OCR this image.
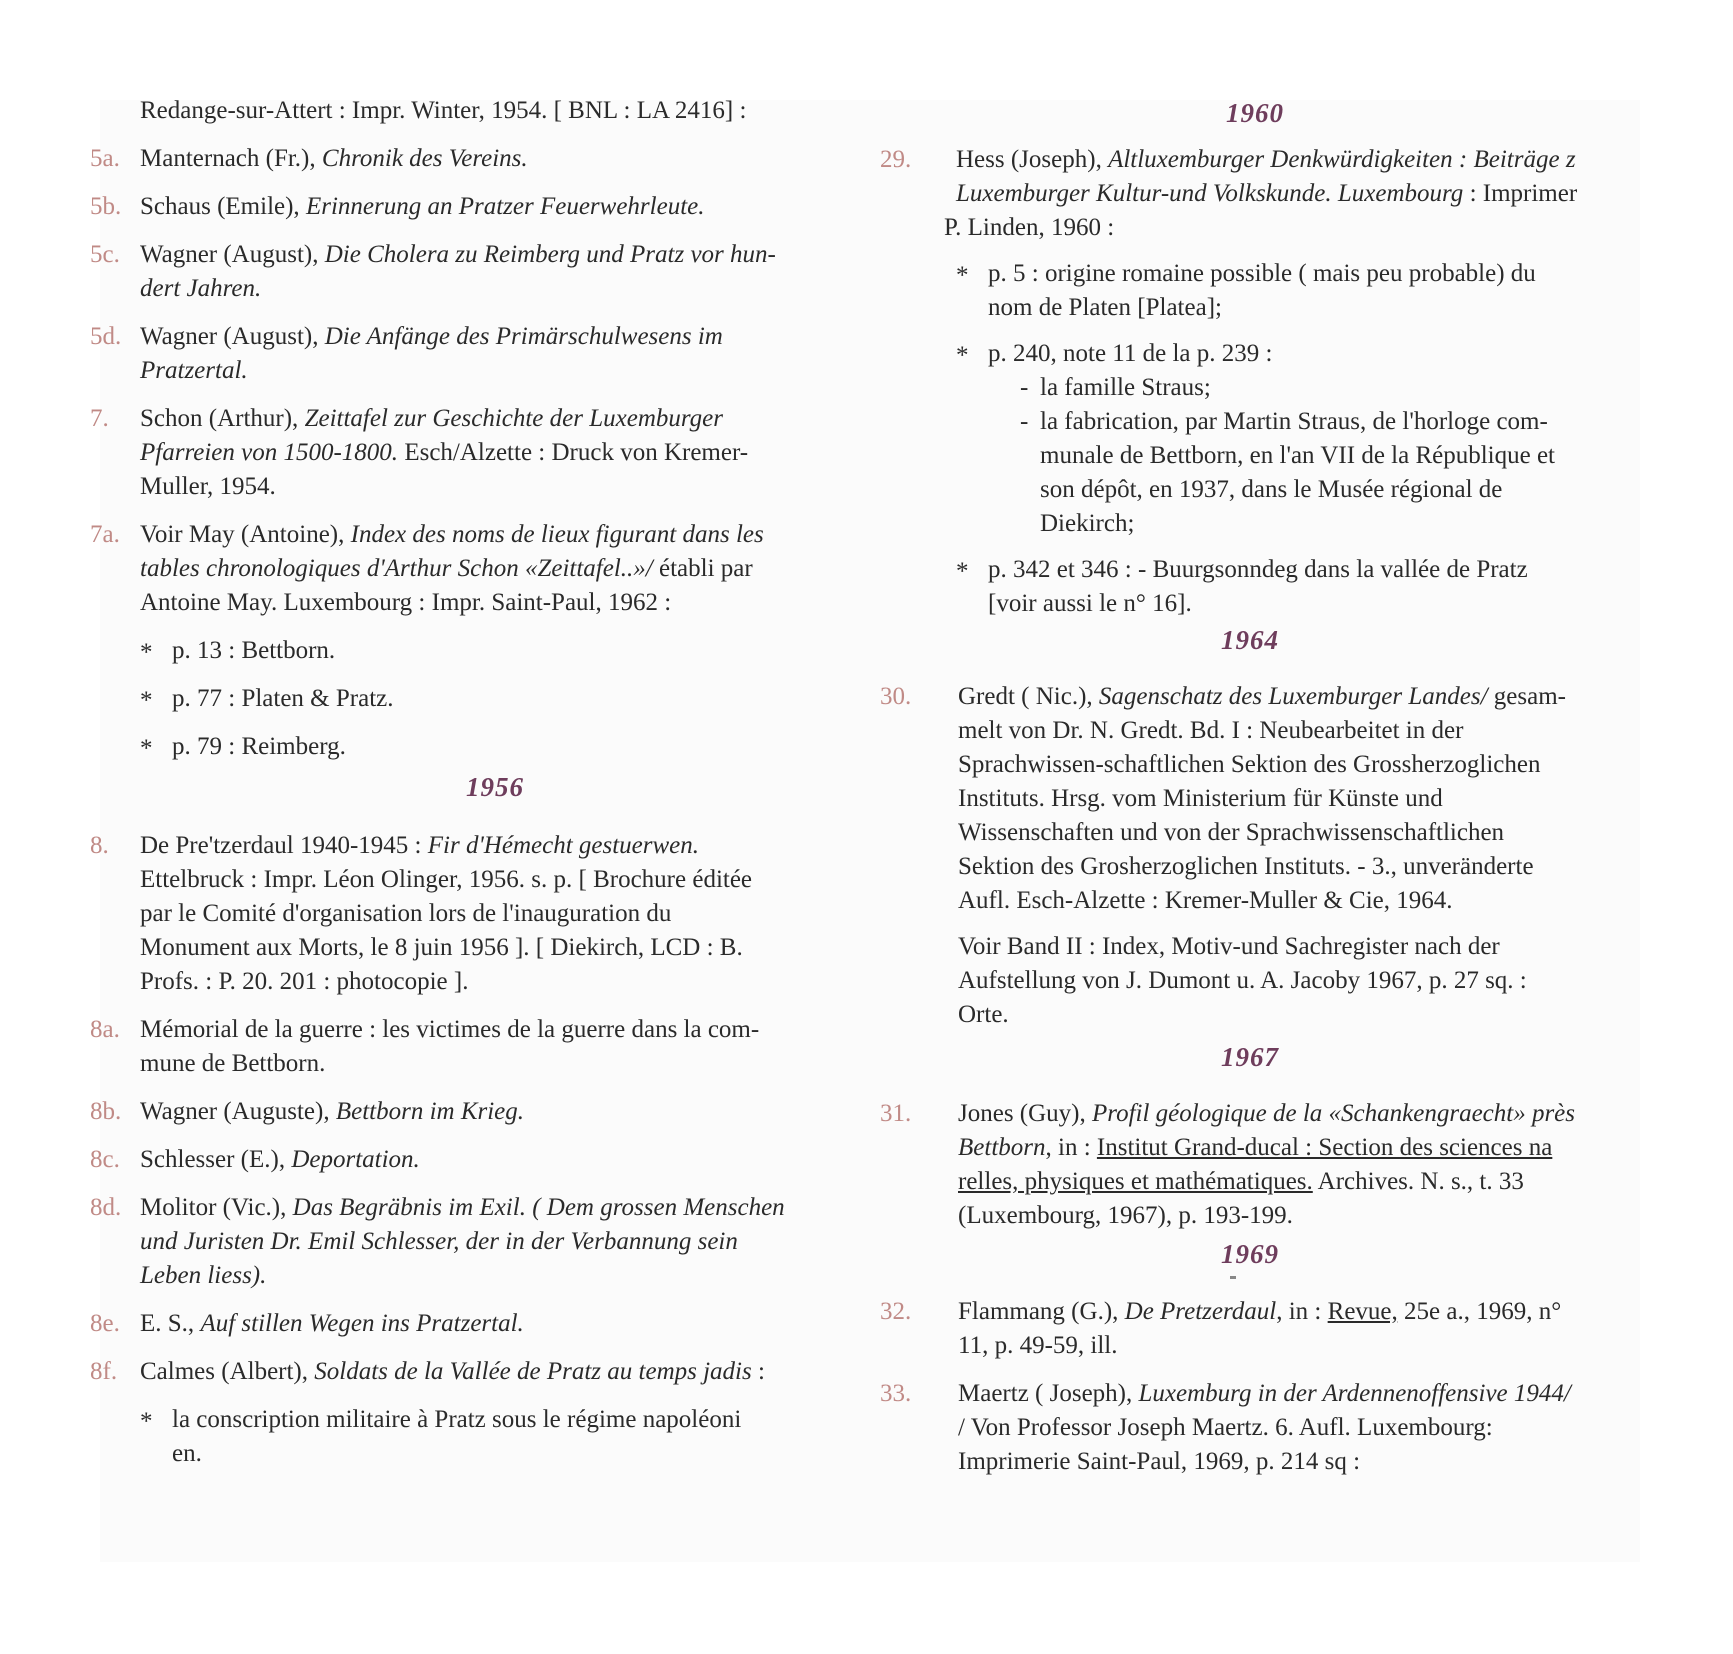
Redange-sur-Attert : Impr. Winter, 1954. [ BNL : LA 2416] :
5a. Manternach (Fr.), Chronik des Vereins.
5b. Schaus (Emile), Erinnerung an Pratzer Feuerwehrleute.
5c. Wagner (August), Die Cholera zu Reimberg und Pratz vor hun-
dert Jahren.
5d. Wagner (August), Die Anfänge des Primärschulwesens im
Pratzertal.
7. Schon (Arthur), Zeittafel zur Geschichte der Luxemburger
Pfarreien von 1500-1800. Esch/Alzette : Druck von Kremer-
Muller, 1954.
7a. Voir May (Antoine), Index des noms de lieux figurant dans les
tables chronologiques d'Arthur Schon «Zeittafel..»/ établi par
Antoine May. Luxembourg : Impr. Saint-Paul, 1962 :
* p. 13 : Bettborn.
* p. 77 : Platen & Pratz.
* p. 79 : Reimberg.
1956
8. De Pre'tzerdaul 1940-1945 : Fir d'Hémecht gestuerwen.
Ettelbruck : Impr. Léon Olinger, 1956. s. p. [ Brochure éditée
par le Comité d'organisation lors de l'inauguration du
Monument aux Morts, le 8 juin 1956 ]. [ Diekirch, LCD : B.
Profs. : P. 20. 201 : photocopie ].
8a. Mémorial de la guerre : les victimes de la guerre dans la com-
mune de Bettborn.
8b. Wagner (Auguste), Bettborn im Krieg.
8c. Schlesser (E.), Deportation.
8d. Molitor (Vic.), Das Begräbnis im Exil. ( Dem grossen Menschen
und Juristen Dr. Emil Schlesser, der in der Verbannung sein
Leben liess).
8e. E. S., Auf stillen Wegen ins Pratzertal.
8f. Calmes (Albert), Soldats de la Vallée de Pratz au temps jadis :
* la conscription militaire à Pratz sous le régime napoléoni
en.
1960
29. Hess (Joseph), Altluxemburger Denkwürdigkeiten : Beiträge z
Luxemburger Kultur-und Volkskunde. Luxembourg : Imprimer
P. Linden, 1960 :
* p. 5 : origine romaine possible ( mais peu probable) du
nom de Platen [Platea];
* p. 240, note 11 de la p. 239 :
- la famille Straus;
- la fabrication, par Martin Straus, de l'horloge com-
munale de Bettborn, en l'an VII de la République et
son dépôt, en 1937, dans le Musée régional de
Diekirch;
* p. 342 et 346 : - Buurgsonndeg dans la vallée de Pratz
[voir aussi le n° 16].
1964
30. Gredt ( Nic.), Sagenschatz des Luxemburger Landes/ gesam-
melt von Dr. N. Gredt. Bd. I : Neubearbeitet in der
Sprachwissen-schaftlichen Sektion des Grossherzoglichen
Instituts. Hrsg. vom Ministerium für Künste und
Wissenschaften und von der Sprachwissenschaftlichen
Sektion des Grosherzoglichen Instituts. - 3., unveränderte
Aufl. Esch-Alzette : Kremer-Muller & Cie, 1964.
Voir Band II : Index, Motiv-und Sachregister nach der
Aufstellung von J. Dumont u. A. Jacoby 1967, p. 27 sq. :
Orte.
1967
31. Jones (Guy), Profil géologique de la «Schankengraecht» près
Bettborn, in : Institut Grand-ducal : Section des sciences na
relles, physiques et mathématiques. Archives. N. s., t. 33
(Luxembourg, 1967), p. 193-199.
1969
32. Flammang (G.), De Pretzerdaul, in : Revue, 25e a., 1969, n°
11, p. 49-59, ill.
33. Maertz ( Joseph), Luxemburg in der Ardennenoffensive 1944/
/ Von Professor Joseph Maertz. 6. Aufl. Luxembourg:
Imprimerie Saint-Paul, 1969, p. 214 sq :
